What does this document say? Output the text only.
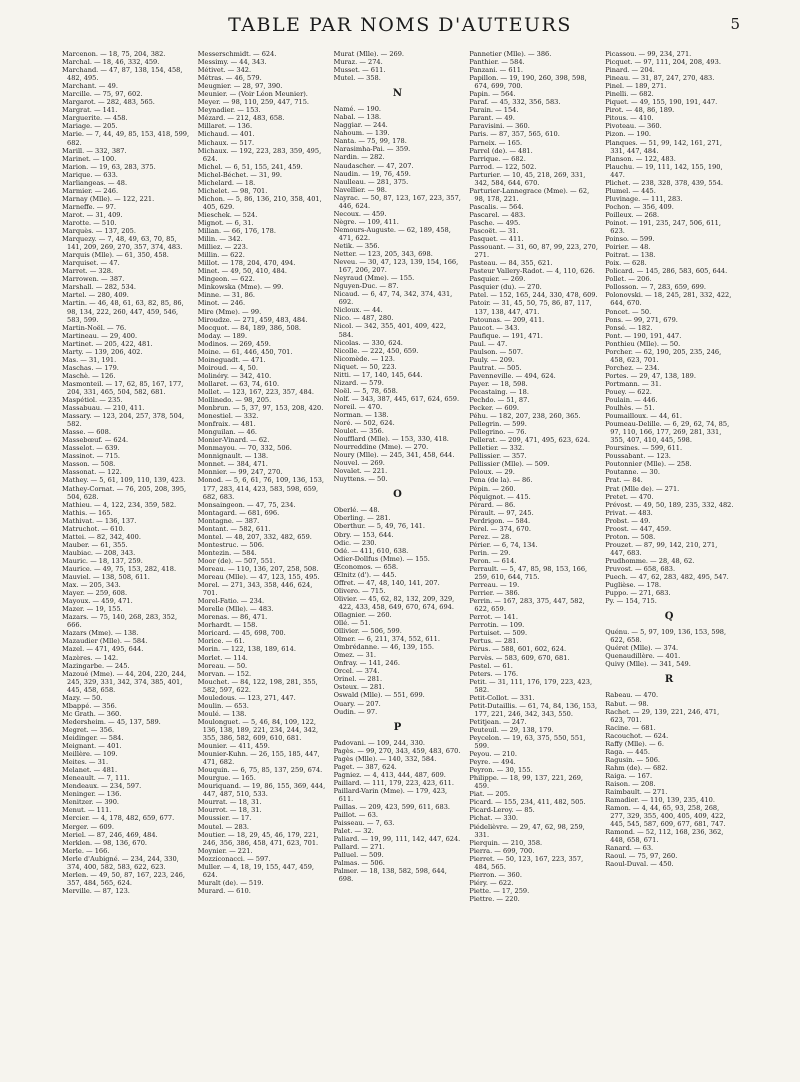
TABLE PAR NOMS D'AUTEURS	5
Marcenon. — 18, 75, 204, 382.
Marchal. — 18, 46, 332, 459.
Marchand. — 47, 87, 138, 154, 458, 482, 495.
Marchant. — 49.
Marcille. — 75, 97, 602.
Margarot. — 282, 483, 565.
Margrat. — 141.
Marguerite. — 458.
Mariage. — 205.
Marie. — 7, 44, 49, 85, 153, 418, 599, 682.
Marill. — 332, 387.
Marinet. — 100.
Marion. — 19, 63, 283, 375.
Marique. — 633.
Marliangeas. — 48.
Marmier. — 246.
Marnay (Mlle). — 122, 221.
Marneffe. — 97.
Marot. — 31, 409.
Marotte. — 510.
Marquès. — 137, 205.
Marquezy. — 7, 48, 49, 63, 70, 85, 141, 209, 269, 270, 357, 374, 483.
Marquis (Mlle). — 61, 350, 458.
Marquiset. — 47.
Marret. — 328.
Marrowen. — 387.
Marshall. — 282, 534.
Martel. — 280, 409.
Martin. — 46, 48, 61, 63, 82, 85, 86, 98, 134, 222, 260, 447, 459, 546, 583, 599.
Martin-Noël. — 76.
Martineau. — 29, 400.
Martinet. — 205, 422, 481.
Marty. — 139, 206, 402.
Mas. — 31, 191.
Maschas. — 179.
Maschè. — 126.
Masmonteil. — 17, 62, 85, 167, 177, 204, 331, 465, 504, 582, 681.
Maspétiol. — 235.
Massabuau. — 210, 411.
Massary. — 123, 204, 257, 378, 504, 582.
Masse. — 608.
Massebœuf. — 624.
Masselot. — 639.
Massinot. — 715.
Masson. — 508.
Massonat. — 122.
Mathey. — 5, 61, 109, 110, 139, 423.
Mathey-Cornat. — 76, 205, 208, 395, 504, 628.
Mathieu. — 4, 122, 234, 359, 582.
Mathis. — 165.
Mathivat. — 136, 137.
Matruchot. — 610.
Mattei. — 82, 342, 400.
Mauber. — 61, 355.
Maubiac. — 208, 343.
Mauric. — 18, 137, 259.
Maurice. — 49, 75, 153, 282, 418.
Mauviel. — 138, 508, 611.
Max. — 205, 343.
Mayer. — 259, 608.
Mayoux. — 459, 471.
Mazer. — 19, 155.
Mazars. — 75, 140, 268, 283, 352, 666.
Mazars (Mme). — 138.
Mazaudier (Mlle). — 584.
Mazel. — 471, 495, 644.
Mazères. — 142.
Mazingarbe. — 245.
Mazoué (Mme). — 44, 204, 220, 244, 245, 329, 331, 342, 374, 385, 401, 445, 458, 658.
Mazy. — 50.
Mbappé. — 356.
Mc Grath. — 360.
Medersheim. — 45, 137, 589.
Megret. — 356.
Meidinger. — 584.
Meignant. — 401.
Meillère. — 109.
Meites. — 31.
Melanet. — 481.
Meneault. — 7, 111.
Mendeaux. — 234, 597.
Meninger. — 136.
Menitzer. — 390.
Menut. — 111.
Mercier. — 4, 178, 482, 659, 677.
Merger. — 609.
Meriel. — 87, 246, 469, 484.
Merklen. — 98, 136, 670.
Merle. — 166.
Merle d'Aubigné. — 234, 244, 330, 374, 400, 582, 583, 622, 623.
Merlen. — 49, 50, 87, 167, 223, 246, 357, 484, 565, 624.
Merville. — 87, 123.
Messerschmidt. — 624.
Messimy. — 44, 343.
Métivet. — 342.
Métras. — 46, 579.
Meugnier. — 28, 97, 390.
Meunier. — (Voir Léon Meunier).
Meyer. — 98, 110, 259, 447, 715.
Meynadier. — 153.
Mézard. — 212, 483, 658.
Millaret. — 136.
Michaud. — 401.
Michaux. — 517.
Michaux. — 192, 223, 283, 359, 495, 624.
Michel. — 6, 51, 155, 241, 459.
Michel-Béchet. — 31, 99.
Michelard. — 18.
Michelet. — 98, 701.
Michon. — 5, 86, 136, 210, 358, 401, 405, 629.
Mieschek. — 524.
Mignot. — 6, 31.
Milian. — 66, 176, 178.
Milin. — 342.
Milliez. — 223.
Millin. — 622.
Millot. — 178, 204, 470, 494.
Minet. — 49, 50, 410, 484.
Mingeon. — 622.
Minkowska (Mme). — 99.
Minne. — 31, 86.
Minot. — 246.
Mire (Mme). — 99.
Miroudze. — 271, 459, 483, 484.
Mocquot. — 84, 189, 386, 508.
Moday. — 189.
Modinos. — 269, 459.
Moine. — 61, 446, 450, 701.
Moineguadt. — 471.
Moiroud. — 4, 50.
Molinéry. — 342, 410.
Mollaret. — 63, 74, 610.
Mollet. — 123, 167, 223, 357, 484.
Mollinedo. — 98, 205.
Monbrun. — 5, 37, 97, 153, 208, 420.
Monestiel. — 332.
Monfraix. — 481.
Monguilan. — 46.
Monier-Vinard. — 62.
Monmayou. — 70, 332, 506.
Monnignault. — 138.
Monnet. — 384, 471.
Monnier. — 99, 247, 270.
Monod. — 5, 6, 61, 76, 109, 136, 153, 177, 283, 414, 423, 583, 598, 659, 682, 683.
Monsaingeon. — 47, 75, 234.
Montagard. — 681, 696.
Montagne. — 387.
Montant. — 582, 611.
Montel. — 48, 207, 332, 482, 659.
Montestruc. — 506.
Montezin. — 584.
Moor (de). — 507, 551.
Moreau. — 110, 136, 207, 258, 508.
Moreau (Mlle). — 47, 123, 155, 495.
Morel. — 271, 343, 358, 446, 624, 701.
Morel-Fatio. — 234.
Morelle (Mlle). — 483.
Morenas. — 86, 471.
Morhardt. — 158.
Moricard. — 45, 698, 700.
Morice. — 61.
Morin. — 122, 138, 189, 614.
Morlet. — 114.
Moreau. — 50.
Morvan. — 152.
Mouchet. — 84, 122, 198, 281, 355, 582, 597, 622.
Mouledous. — 123, 271, 447.
Moulin. — 653.
Moulé. — 138.
Moulonguet. — 5, 46, 84, 109, 122, 136, 138, 189, 221, 234, 244, 342, 355, 386, 582, 609, 610, 681.
Mounier. — 411, 459.
Mounier-Kuhn. — 26, 155, 185, 447, 471, 682.
Mouquin. — 6, 75, 85, 137, 259, 674.
Mourgue. — 165.
Mouriquand. — 19, 86, 155, 369, 444, 447, 487, 510, 533.
Mourrat. — 18, 31.
Mourrot. — 18, 31.
Moussier. — 17.
Moutel. — 283.
Moutier. — 18, 29, 45, 46, 179, 221, 246, 356, 386, 458, 471, 623, 701.
Moynier. — 221.
Mozziconacci. — 597.
Muller. — 4, 18, 19, 155, 447, 459, 624.
Muralt (de). — 519.
Murard. — 610.
Murat (Mlle). — 269.
Muraz. — 274.
Musset. — 611.
Mutel. — 358.
N
Namé. — 190.
Nabal. — 138.
Naggiar. — 244.
Nahoum. — 139.
Nanta. — 75, 99, 178.
Narasimha-Pai. — 359.
Nardin. — 282.
Naudascher. — 47, 207.
Naudin. — 19, 76, 459.
Naulleau. — 281, 375.
Navellier. — 98.
Nayrac. — 50, 87, 123, 167, 223, 357, 446, 624.
Necoux. — 459.
Nègre. — 109, 411.
Nemours-Auguste. — 62, 189, 458, 471, 622.
Netik. — 356.
Netter. — 123, 205, 343, 698.
Neveu. — 30, 47, 123, 139, 154, 166, 167, 206, 207.
Neyraud (Mme). — 155.
Nguyen-Duc. — 87.
Nicaud. — 6, 47, 74, 342, 374, 431, 692.
Nicloux. — 44.
Nico. — 487, 280.
Nicol. — 342, 355, 401, 409, 422, 584.
Nicolas. — 330, 624.
Nicolle. — 222, 450, 659.
Nicomède. — 123.
Niquet. — 50, 223.
Nitti. — 17, 140, 145, 644.
Nizard. — 579.
Noël. — 5, 78, 658.
Nolf. — 343, 387, 445, 617, 624, 659.
Noreil. — 470.
Norman. — 138.
Noré. — 502, 624.
Noulet. — 356.
Noufflard (Mlle). — 153, 330, 418.
Nourreddine (Mme). — 270.
Noury (Mlle). — 245, 341, 458, 644.
Nouvel. — 269.
Novalet. — 221.
Nuyttens. — 50.
O
Oberlé. — 48.
Oberling. — 281.
Oberthur. — 5, 49, 76, 141.
Obry. — 153, 644.
Odic. — 230.
Odé. — 411, 610, 638.
Odier-Dollfus (Mme). — 155.
Œconomos. — 658.
Œlnitz (d'). — 445.
Offret. — 47, 48, 140, 141, 207.
Olivero. — 715.
Olivier. — 45, 62, 82, 132, 209, 329, 422, 433, 458, 649, 670, 674, 694.
Ollagnier. — 260.
Ollé. — 51.
Ollivier. — 506, 599.
Olmer. — 6, 211, 374, 552, 611.
Ombrédanne. — 46, 139, 155.
Omez. — 31.
Onfray. — 141, 246.
Orcel. — 374.
Orinel. — 281.
Osteux. — 281.
Oswald (Mlle). — 551, 699.
Ouary. — 207.
Oudin. — 97.
P
Padovani. — 109, 244, 330.
Pagès. — 99, 270, 343, 459, 483, 670.
Pagès (Mlle). — 140, 332, 584.
Paget. — 387, 624.
Pagniez. — 4, 413, 444, 487, 609.
Paillard. — 111, 179, 223, 423, 611.
Paillard-Varin (Mme). — 179, 423, 611.
Paillas. — 209, 423, 599, 611, 683.
Paillot. — 63.
Paisseau. — 7, 63.
Palet. — 32.
Paliard. — 19, 99, 111, 142, 447, 624.
Pallard. — 271.
Palluel. — 509.
Palmas. — 506.
Palmer. — 18, 138, 582, 598, 644, 698.
Pannetier (Mlle). — 386.
Panthier. — 584.
Panzani. — 611.
Papillon. — 19, 190, 260, 398, 598, 674, 699, 700.
Papin. — 564.
Paraf. — 45, 332, 356, 583.
Parain. — 154.
Parant. — 49.
Paravisini. — 360.
Paris. — 87, 357, 565, 610.
Parneix. — 165.
Parrel (de). — 481.
Parrique. — 682.
Parrod. — 122, 502.
Parturier. — 10, 45, 218, 269, 331, 342, 584, 644, 670.
Parturier-Lannegrace (Mme). — 62, 98, 178, 221.
Pascalis. — 564.
Pascarel. — 483.
Pasche. — 495.
Pascoët. — 31.
Pasquet. — 411.
Passouant. — 31, 60, 87, 99, 223, 270, 271.
Pasteau. — 84, 355, 621.
Pasteur Vallery-Radot. — 4, 110, 626.
Pasquier. — 269.
Pasquier (du). — 270.
Patel. — 152, 165, 244, 330, 478, 609.
Patoir. — 31, 45, 50, 75, 86, 87, 117, 137, 138, 447, 471.
Patounas. — 209, 411.
Paucot. — 343.
Paufique. — 191, 471.
Paul. — 47.
Paulson. — 507.
Pauly. — 209.
Pautrat. — 505.
Pavenneville. — 494, 624.
Payer. — 18, 598.
Pecastaing. — 18.
Pechdo. — 51, 87.
Pecker. — 609.
Péhu. — 182, 207, 238, 260, 365.
Pellegrin. — 599.
Pellegrino. — 76.
Pellerat. — 209, 471, 495, 623, 624.
Pelletier. — 332.
Pellissier. — 357.
Pellissier (Mlle). — 509.
Peloux. — 29.
Pena (de la). — 86.
Pépin. — 260.
Péquignot. — 415.
Pérard. — 86.
Pérault. — 97, 245.
Perdrigon. — 584.
Pérel. — 374, 670.
Perez. — 28.
Périer. — 6, 74, 134.
Perin. — 29.
Peron. — 614.
Perrault. — 5, 47, 85, 98, 153, 166, 259, 610, 644, 715.
Perreau. — 19.
Perrier. — 386.
Perrin. — 167, 283, 375, 447, 582, 622, 659.
Perrot. — 141.
Perrotin. — 109.
Pertuiset. — 509.
Pertus. — 281.
Pérus. — 588, 601, 602, 624.
Pervès. — 583, 609, 670, 681.
Pestel. — 61.
Peters. — 176.
Petit. — 31, 111, 176, 179, 223, 423, 582.
Petit-Collot. — 331.
Petit-Dutaillis. — 61, 74, 84, 136, 153, 177, 221, 246, 342, 343, 550.
Petitjean. — 247.
Peuteuil. — 29, 138, 179.
Peycelon. — 19, 63, 375, 550, 551, 599.
Peyou. — 210.
Peyre. — 494.
Peyron. — 30, 155.
Philippe. — 18, 99, 137, 221, 269, 459.
Piat. — 205.
Picard. — 155, 234, 411, 482, 505.
Picard-Leroy. — 85.
Pichat. — 330.
Piédelièvre. — 29, 47, 62, 98, 259, 331.
Pierquin. — 210, 358.
Pierra. — 699, 700.
Pierret. — 50, 123, 167, 223, 357, 484, 565.
Pierron. — 360.
Piéry. — 622.
Piette. — 17, 259.
Piettre. — 220.
Picassou. — 99, 234, 271.
Picquet. — 97, 111, 204, 208, 493.
Pinard. — 204.
Pineau. — 31, 87, 247, 270, 483.
Pinel. — 189, 271.
Pinelli. — 682.
Piquet. — 49, 155, 190, 191, 447.
Pirot. — 48, 86, 189.
Pitous. — 410.
Pivoteau. — 360.
Pizon. — 190.
Planques. — 51, 99, 142, 161, 271, 331, 447, 484.
Planson. — 122, 483.
Plauchu. — 19, 111, 142, 155, 190, 447.
Plichet. — 238, 328, 378, 439, 554.
Plumel. — 445.
Pluvinage. — 111, 283.
Pochon. — 356, 409.
Poilleux. — 268.
Poinot. — 191, 235, 247, 506, 611, 623.
Poinso. — 599.
Poirier. — 48.
Poitrat. — 138.
Poix. — 628.
Policard. — 145, 286, 583, 605, 644.
Pollet. — 206.
Pollosson. — 7, 283, 659, 699.
Polonovski. — 18, 245, 281, 332, 422, 644, 670.
Poncet. — 50.
Pons. — 99, 271, 679.
Ponsé. — 182.
Pont. — 190, 191, 447.
Ponthieu (Mlle). — 50.
Porcher. — 62, 190, 205, 235, 246, 458, 623, 701.
Porchez. — 234.
Portes. — 29, 47, 138, 189.
Portmann. — 31.
Pouey. — 622.
Poulain. — 446.
Poulhès. — 51.
Poumailloux. — 44, 61.
Poumeau-Delille. — 6, 29, 62, 74, 85, 97, 110, 166, 177, 269, 281, 331, 355, 407, 410, 445, 598.
Poursines. — 599, 611.
Poussabant. — 123.
Poutonnier (Mlle). — 258.
Poutanne. — 30.
Prat. — 84.
Prat (Mlle de). — 271.
Pretet. — 470.
Prévost. — 49, 50, 189, 235, 332, 482.
Privat. — 483.
Probst. — 49.
Proost. — 447, 459.
Proton. — 508.
Prouzet. — 87, 99, 142, 210, 271, 447, 683.
Prudhomme. — 28, 48, 62.
Pruvost. — 658, 683.
Puech. — 47, 62, 283, 482, 495, 547.
Puglièse. — 178.
Puppo. — 271, 683.
Py. — 154, 715.
Q
Quénu. — 5, 97, 109, 136, 153, 598, 622, 658.
Quéret (Mlle). — 374.
Quenaudillère. — 401.
Quivy (Mlle). — 341, 549.
R
Rabeau. — 470.
Rabut. — 98.
Rachet. — 29, 139, 221, 246, 471, 623, 701.
Racine. — 681.
Racouchot. — 624.
Raffy (Mlle). — 6.
Raga. — 445.
Ragusin. — 506.
Rahm (de). — 682.
Raiga. — 167.
Raison. — 208.
Raimbault. — 271.
Ramadier. — 110, 139, 235, 410.
Ramon. — 4, 44, 65, 93, 258, 268, 277, 329, 355, 400, 405, 409, 422, 445, 545, 587, 609, 677, 681, 747.
Ramond. — 52, 112, 168, 236, 362, 448, 658, 671.
Ranard. — 63.
Raoul. — 75, 97, 260.
Raoul-Duval. — 450.
